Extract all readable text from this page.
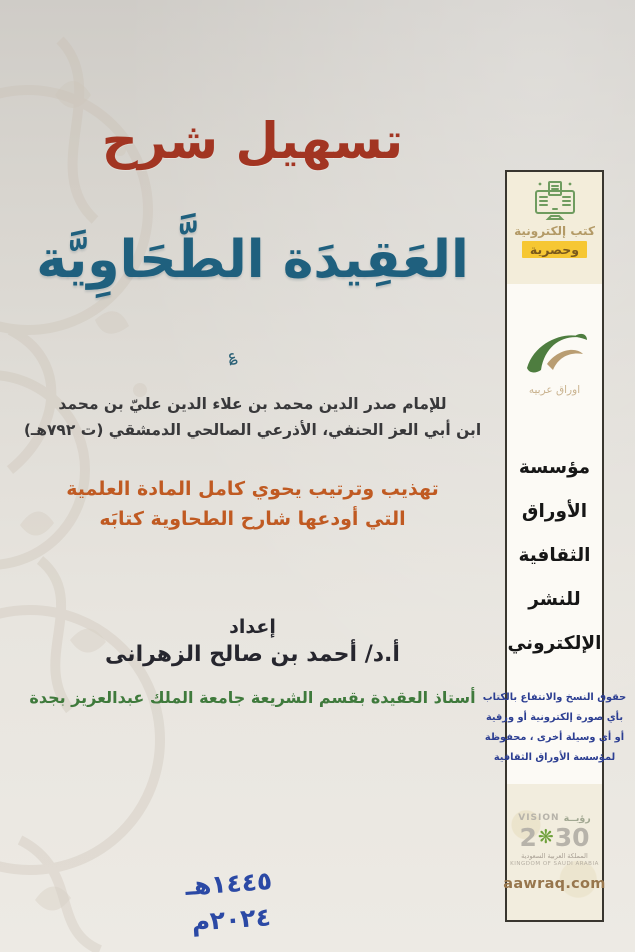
تسهيل شرح
العَقِيدَة الطَّحَاوِيَّة
؏
للإمام صدر الدين محمد بن علاء الدين عليّ بن محمد
ابن أبي العز الحنفي، الأذرعي الصالحي الدمشقي (ت ٧٩٢هـ)
تهذيب وترتيب يحوي كامل المادة العلمية
التي أودعها شارح الطحاوية كتابَه
إعداد
أ.د/ أحمد بن صالح الزهرانى
أستاذ العقيدة بقسم الشريعة جامعة الملك عبدالعزيز بجدة
١٤٤٥هـ
٢٠٢٤م
كتب إلكترونية
وحصرية
اوراق عربيه
مؤسسة
الأوراق
الثقافية
للنشر
الإلكتروني
حقوق النسخ والانتفاع بالكتاب
بأي صورة إلكترونية أو ورقية
أو أي وسيلة أخرى ، محفوظة
لمؤسسة الأوراق الثقافية
VISION رؤيــة
2 ❋ 30
المملكة العربية السعودية
KINGDOM OF SAUDI ARABIA
aawraq.com
